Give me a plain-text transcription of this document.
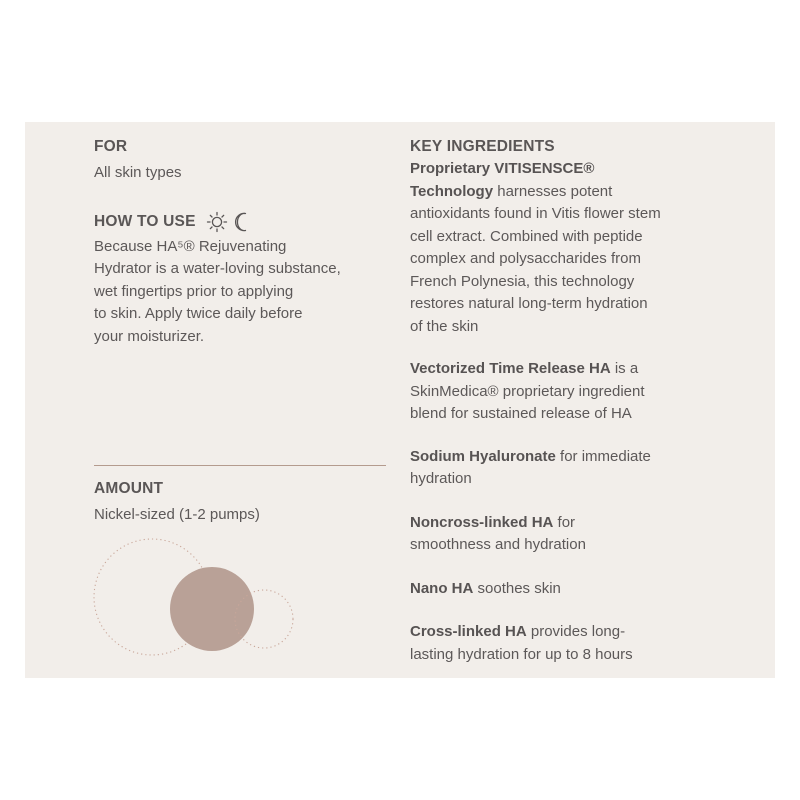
FOR

All skin types

HOW TO USE

Because HA⁵® Rejuvenating

Hydrator is a water-loving substance,

wet fingertips prior to applying

to skin. Apply twice daily before

your moisturizer.

AMOUNT

Nickel-sized (1-2 pumps)

KEY INGREDIENTS

Proprietary VITISENSCE®

Technology harnesses potent

antioxidants found in Vitis flower stem

cell extract. Combined with peptide

complex and polysaccharides from

French Polynesia, this technology

restores natural long-term hydration

of the skin

Vectorized Time Release HA is a

SkinMedica® proprietary ingredient

blend for sustained release of HA

Sodium Hyaluronate for immediate

hydration

Noncross-linked HA for

smoothness and hydration

Nano HA soothes skin

Cross-linked HA provides long-

lasting hydration for up to 8 hours
